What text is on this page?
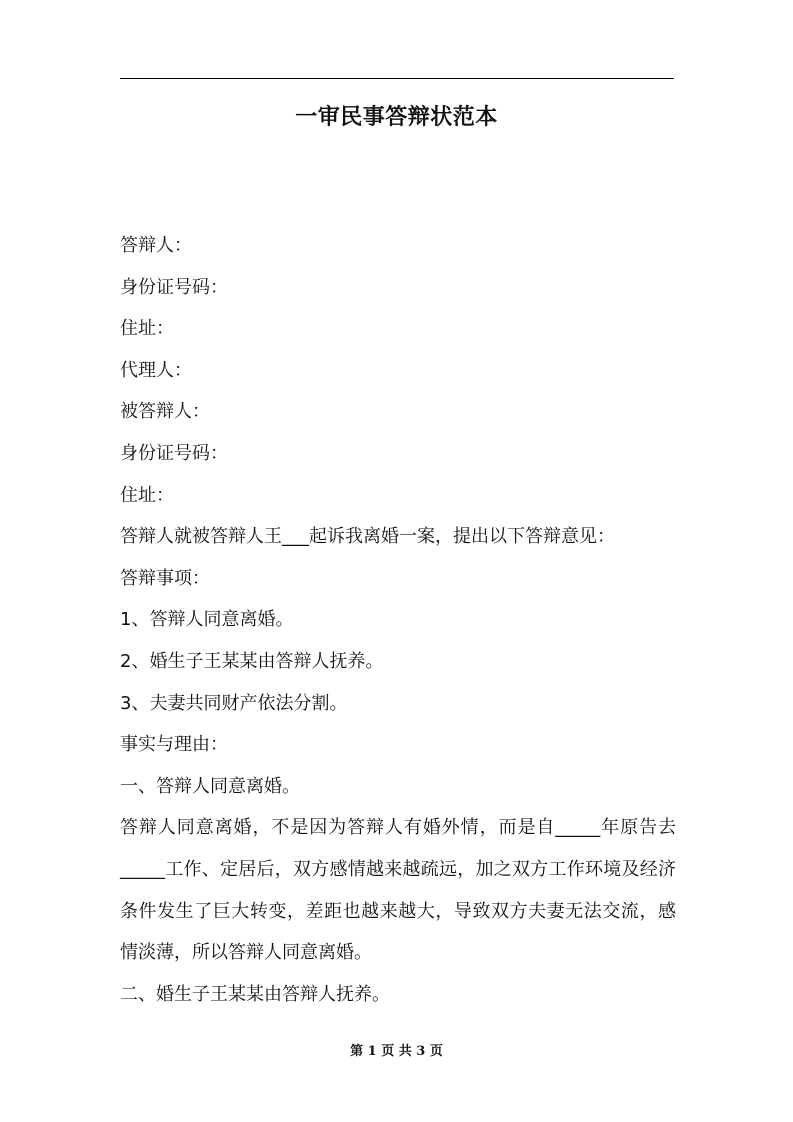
一审民事答辩状范本

答辩人：

身份证号码：

住址：

代理人：

被答辩人：

身份证号码：

住址：

答辩人就被答辩人王___起诉我离婚一案，提出以下答辩意见：

答辩事项：

1、答辩人同意离婚。

2、婚生子王某某由答辩人抚养。

3、夫妻共同财产依法分割。

事实与理由：

一、答辩人同意离婚。

答辩人同意离婚，不是因为答辩人有婚外情，而是自_____年原告去_____工作、定居后，双方感情越来越疏远，加之双方工作环境及经济条件发生了巨大转变，差距也越来越大，导致双方夫妻无法交流，感情淡薄，所以答辩人同意离婚。

二、婚生子王某某由答辩人抚养。

第 1 页 共 3 页
